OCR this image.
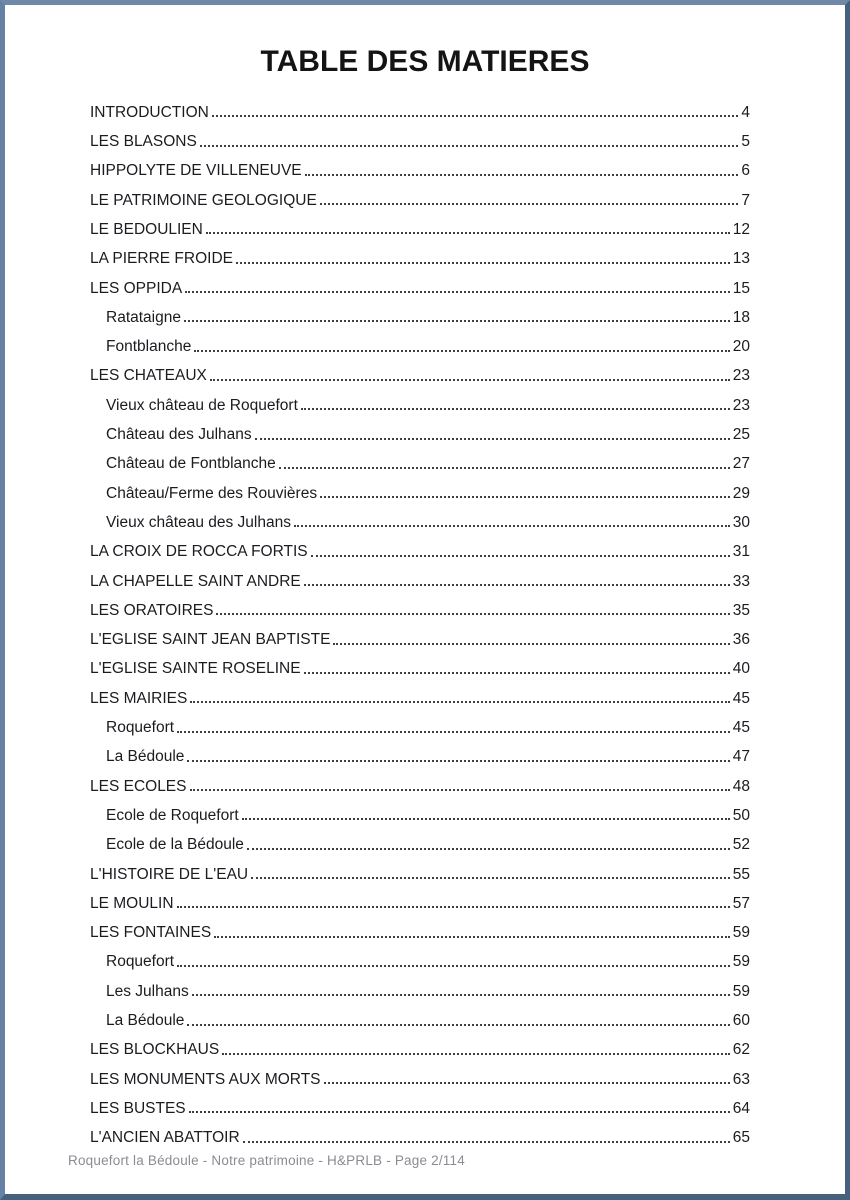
TABLE DES MATIERES
INTRODUCTION	4
LES BLASONS	5
HIPPOLYTE DE VILLENEUVE	6
LE PATRIMOINE GEOLOGIQUE	7
LE BEDOULIEN	12
LA PIERRE FROIDE	13
LES OPPIDA	15
Ratataigne	18
Fontblanche	20
LES CHATEAUX	23
Vieux château de Roquefort	23
Château des Julhans	25
Château de Fontblanche	27
Château/Ferme des Rouvières	29
Vieux château des Julhans	30
LA CROIX DE ROCCA FORTIS	31
LA CHAPELLE SAINT ANDRE	33
LES ORATOIRES	35
L'EGLISE SAINT JEAN BAPTISTE	36
L'EGLISE SAINTE ROSELINE	40
LES MAIRIES	45
Roquefort	45
La Bédoule	47
LES ECOLES	48
Ecole de Roquefort	50
Ecole de la Bédoule	52
L'HISTOIRE DE L'EAU	55
LE MOULIN	57
LES FONTAINES	59
Roquefort	59
Les Julhans	59
La Bédoule	60
LES BLOCKHAUS	62
LES MONUMENTS AUX MORTS	63
LES BUSTES	64
L'ANCIEN ABATTOIR	65
Roquefort la Bédoule - Notre patrimoine - H&PRLB - Page 2/114
